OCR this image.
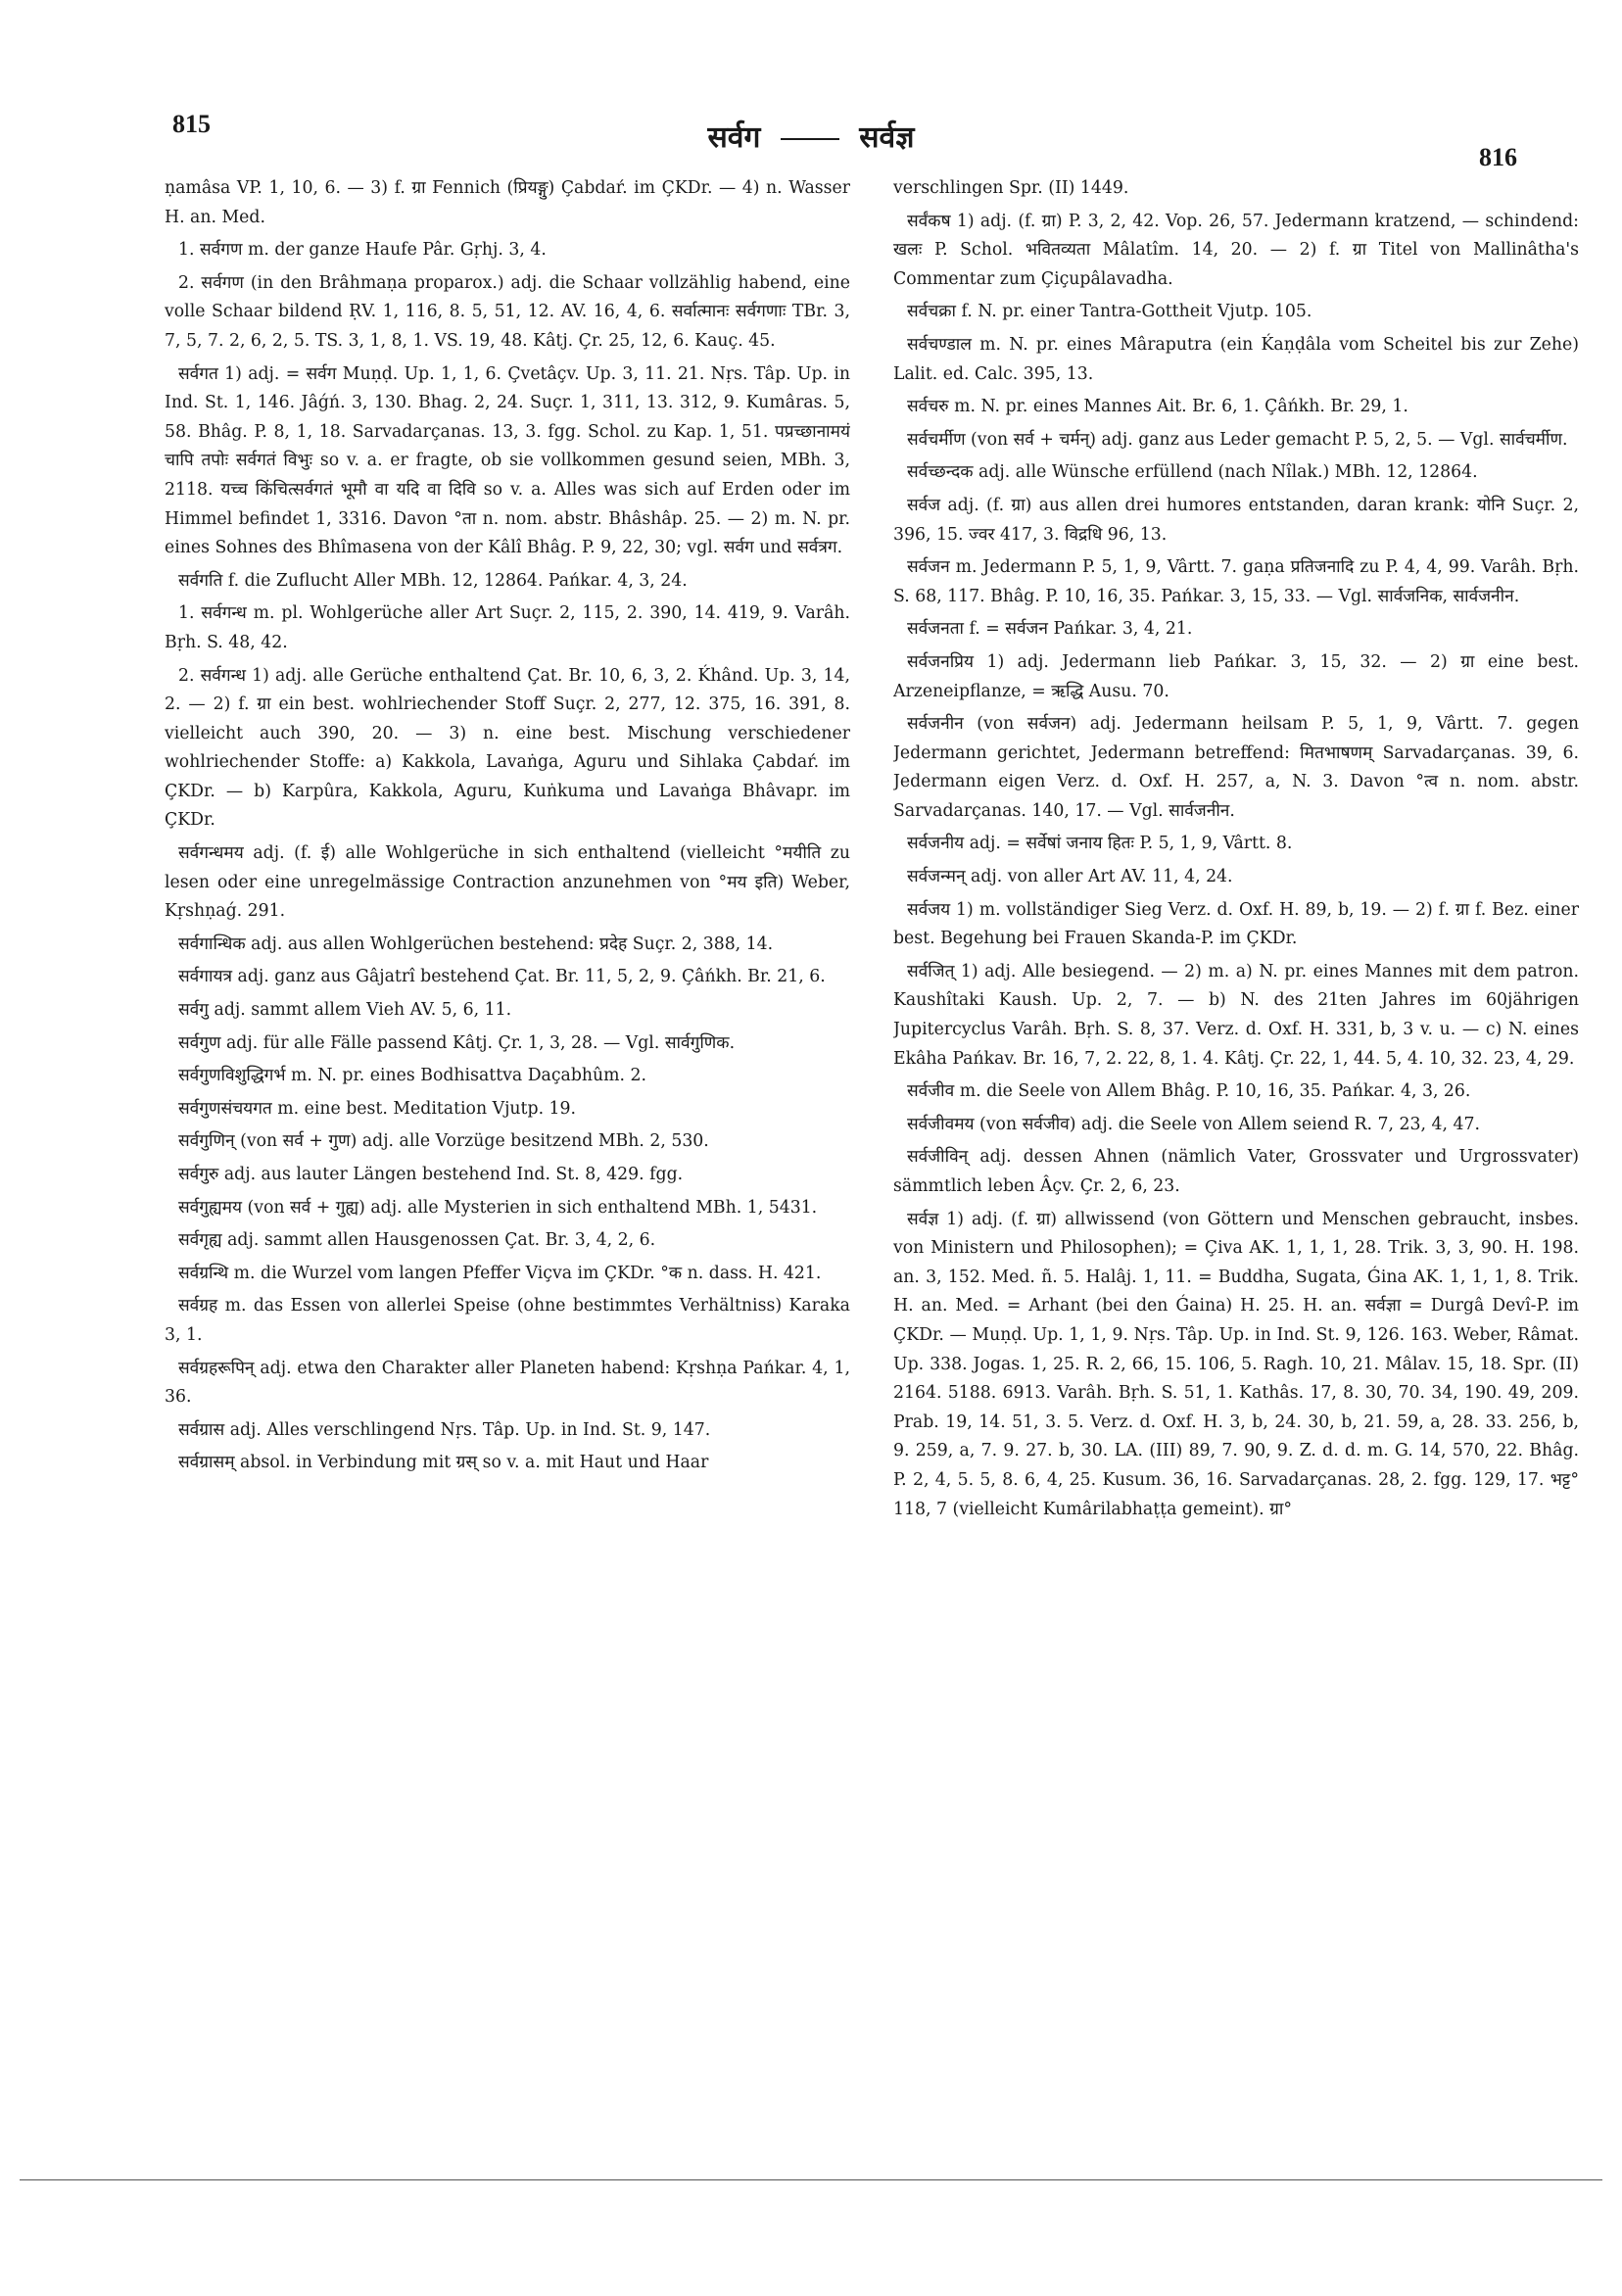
815	सर्वग	सर्वज्ञ
816

ṇamâsa VP. 1, 10, 6. — 3) f. ग्रा Fennich (प्रियङ्गु) Çabdaŕ. im ÇKDr. — 4) n. Wasser H. an. Med.

1. सर्वगण m. der ganze Haufe Pâr. Gṛhj. 3, 4.

2. सर्वगण (in den Brâhmaṇa proparox.) adj. die Schaar vollzählig habend, eine volle Schaar bildend ṚV. 1, 116, 8. 5, 51, 12. AV. 16, 4, 6. सर्वात्मानः सर्वगणाः TBr. 3, 7, 5, 7. 2, 6, 2, 5. TS. 3, 1, 8, 1. VS. 19, 48. Kâtj. Çr. 25, 12, 6. Kauç. 45.

सर्वगत 1) adj. = सर्वग Muṇḍ. Up. 1, 1, 6. Çvetâçv. Up. 3, 11. 21. Nṛs. Tâp. Up. in Ind. St. 1, 146. Jâǵń. 3, 130. Bhag. 2, 24. Suçr. 1, 311, 13. 312, 9. Kumâras. 5, 58. Bhâg. P. 8, 1, 18. Sarvadarçanas. 13, 3. fgg. Schol. zu Kap. 1, 51. पप्रच्छानामयं चापि तपोः सर्वगतं विभुः so v. a. er fragte, ob sie vollkommen gesund seien, MBh. 3, 2118. यच्च किंचित्सर्वगतं भूमौ वा यदि वा दिवि so v. a. Alles was sich auf Erden oder im Himmel befindet 1, 3316. Davon °ता n. nom. abstr. Bhâshâp. 25. — 2) m. N. pr. eines Sohnes des Bhîmasena von der Kâlî Bhâg. P. 9, 22, 30; vgl. सर्वग und सर्वत्रग.

सर्वगति f. die Zuflucht Aller MBh. 12, 12864. Pańkar. 4, 3, 24.

1. सर्वगन्ध m. pl. Wohlgerüche aller Art Suçr. 2, 115, 2. 390, 14. 419, 9. Varâh. Bṛh. S. 48, 42.

2. सर्वगन्ध 1) adj. alle Gerüche enthaltend Çat. Br. 10, 6, 3, 2. Ḱhând. Up. 3, 14, 2. — 2) f. ग्रा ein best. wohlriechender Stoff Suçr. 2, 277, 12. 375, 16. 391, 8. vielleicht auch 390, 20. — 3) n. eine best. Mischung verschiedener wohlriechender Stoffe: a) Kakkola, Lavaṅga, Aguru und Sihlaka Çabdaŕ. im ÇKDr. — b) Karpûra, Kakkola, Aguru, Kuṅkuma und Lavaṅga Bhâvapr. im ÇKDr.

सर्वगन्धमय adj. (f. ई) alle Wohlgerüche in sich enthaltend (vielleicht °मयीति zu lesen oder eine unregelmässige Contraction anzunehmen von °मय इति) Weber, Kṛshṇaǵ. 291.

सर्वगान्धिक adj. aus allen Wohlgerüchen bestehend: प्रदेह Suçr. 2, 388, 14.

सर्वगायत्र adj. ganz aus Gâjatrî bestehend Çat. Br. 11, 5, 2, 9. Çâńkh. Br. 21, 6.

सर्वगु adj. sammt allem Vieh AV. 5, 6, 11.

सर्वगुण adj. für alle Fälle passend Kâtj. Çr. 1, 3, 28. — Vgl. सार्वगुणिक.

सर्वगुणविशुद्धिगर्भ m. N. pr. eines Bodhisattva Daçabhûm. 2.

सर्वगुणसंचयगत m. eine best. Meditation Vjutp. 19.

सर्वगुणिन् (von सर्व + गुण) adj. alle Vorzüge besitzend MBh. 2, 530.

सर्वगुरु adj. aus lauter Längen bestehend Ind. St. 8, 429. fgg.

सर्वगुह्यमय (von सर्व + गुह्य) adj. alle Mysterien in sich enthaltend MBh. 1, 5431.

सर्वगृह्य adj. sammt allen Hausgenossen Çat. Br. 3, 4, 2, 6.

सर्वग्रन्थि m. die Wurzel vom langen Pfeffer Viçva im ÇKDr. °क n. dass. H. 421.

सर्वग्रह m. das Essen von allerlei Speise (ohne bestimmtes Verhältniss) Karaka 3, 1.

सर्वग्रहरूपिन् adj. etwa den Charakter aller Planeten habend: Kṛshṇa Pańkar. 4, 1, 36.

सर्वग्रास adj. Alles verschlingend Nṛs. Tâp. Up. in Ind. St. 9, 147.

सर्वग्रासम् absol. in Verbindung mit ग्रस् so v. a. mit Haut und Haar

verschlingen Spr. (II) 1449.

सर्वंकष 1) adj. (f. ग्रा) P. 3, 2, 42. Vop. 26, 57. Jedermann kratzend, — schindend: खलः P. Schol. भवितव्यता Mâlatîm. 14, 20. — 2) f. ग्रा Titel von Mallinâtha's Commentar zum Çiçupâlavadha.

सर्वचक्रा f. N. pr. einer Tantra-Gottheit Vjutp. 105.

सर्वचण्डाल m. N. pr. eines Mâraputra (ein Ḱaṇḍâla vom Scheitel bis zur Zehe) Lalit. ed. Calc. 395, 13.

सर्वचरु m. N. pr. eines Mannes Ait. Br. 6, 1. Çâńkh. Br. 29, 1.

सर्वचर्मीण (von सर्व + चर्मन्) adj. ganz aus Leder gemacht P. 5, 2, 5. — Vgl. सार्वचर्मीण.

सर्वच्छन्दक adj. alle Wünsche erfüllend (nach Nîlak.) MBh. 12, 12864.

सर्वज adj. (f. ग्रा) aus allen drei humores entstanden, daran krank: योनि Suçr. 2, 396, 15. ज्वर 417, 3. विद्रधि 96, 13.

सर्वजन m. Jedermann P. 5, 1, 9, Vârtt. 7. gaṇa प्रतिजनादि zu P. 4, 4, 99. Varâh. Bṛh. S. 68, 117. Bhâg. P. 10, 16, 35. Pańkar. 3, 15, 33. — Vgl. सार्वजनिक, सार्वजनीन.

सर्वजनता f. = सर्वजन Pańkar. 3, 4, 21.

सर्वजनप्रिय 1) adj. Jedermann lieb Pańkar. 3, 15, 32. — 2) ग्रा eine best. Arzeneipflanze, = ऋद्धि Ausu. 70.

सर्वजनीन (von सर्वजन) adj. Jedermann heilsam P. 5, 1, 9, Vârtt. 7. gegen Jedermann gerichtet, Jedermann betreffend: मितभाषणम् Sarvadarçanas. 39, 6. Jedermann eigen Verz. d. Oxf. H. 257, a, N. 3. Davon °त्व n. nom. abstr. Sarvadarçanas. 140, 17. — Vgl. सार्वजनीन.

सर्वजनीय adj. = सर्वेषां जनाय हितः P. 5, 1, 9, Vârtt. 8.

सर्वजन्मन् adj. von aller Art AV. 11, 4, 24.

सर्वजय 1) m. vollständiger Sieg Verz. d. Oxf. H. 89, b, 19. — 2) f. ग्रा f. Bez. einer best. Begehung bei Frauen Skanda-P. im ÇKDr.

सर्वजित् 1) adj. Alle besiegend. — 2) m. a) N. pr. eines Mannes mit dem patron. Kaushîtaki Kaush. Up. 2, 7. — b) N. des 21ten Jahres im 60jährigen Jupitercyclus Varâh. Bṛh. S. 8, 37. Verz. d. Oxf. H. 331, b, 3 v. u. — c) N. eines Ekâha Pańkav. Br. 16, 7, 2. 22, 8, 1. 4. Kâtj. Çr. 22, 1, 44. 5, 4. 10, 32. 23, 4, 29.

सर्वजीव m. die Seele von Allem Bhâg. P. 10, 16, 35. Pańkar. 4, 3, 26.

सर्वजीवमय (von सर्वजीव) adj. die Seele von Allem seiend R. 7, 23, 4, 47.

सर्वजीविन् adj. dessen Ahnen (nämlich Vater, Grossvater und Urgrossvater) sämmtlich leben Âçv. Çr. 2, 6, 23.

सर्वज्ञ 1) adj. (f. ग्रा) allwissend (von Göttern und Menschen gebraucht, insbes. von Ministern und Philosophen); = Çiva AK. 1, 1, 1, 28. Trik. 3, 3, 90. H. 198. an. 3, 152. Med. ñ. 5. Halâj. 1, 11. = Buddha, Sugata, Ǵina AK. 1, 1, 1, 8. Trik. H. an. Med. = Arhant (bei den Ǵaina) H. 25. H. an. सर्वज्ञा = Durgâ Devî-P. im ÇKDr. — Muṇḍ. Up. 1, 1, 9. Nṛs. Tâp. Up. in Ind. St. 9, 126. 163. Weber, Râmat. Up. 338. Jogas. 1, 25. R. 2, 66, 15. 106, 5. Ragh. 10, 21. Mâlav. 15, 18. Spr. (II) 2164. 5188. 6913. Varâh. Bṛh. S. 51, 1. Kathâs. 17, 8. 30, 70. 34, 190. 49, 209. Prab. 19, 14. 51, 3. 5. Verz. d. Oxf. H. 3, b, 24. 30, b, 21. 59, a, 28. 33. 256, b, 9. 259, a, 7. 9. 27. b, 30. LA. (III) 89, 7. 90, 9. Z. d. d. m. G. 14, 570, 22. Bhâg. P. 2, 4, 5. 5, 8. 6, 4, 25. Kusum. 36, 16. Sarvadarçanas. 28, 2. fgg. 129, 17. भट्ट° 118, 7 (vielleicht Kumârilabhaṭṭa gemeint). ग्रा°
